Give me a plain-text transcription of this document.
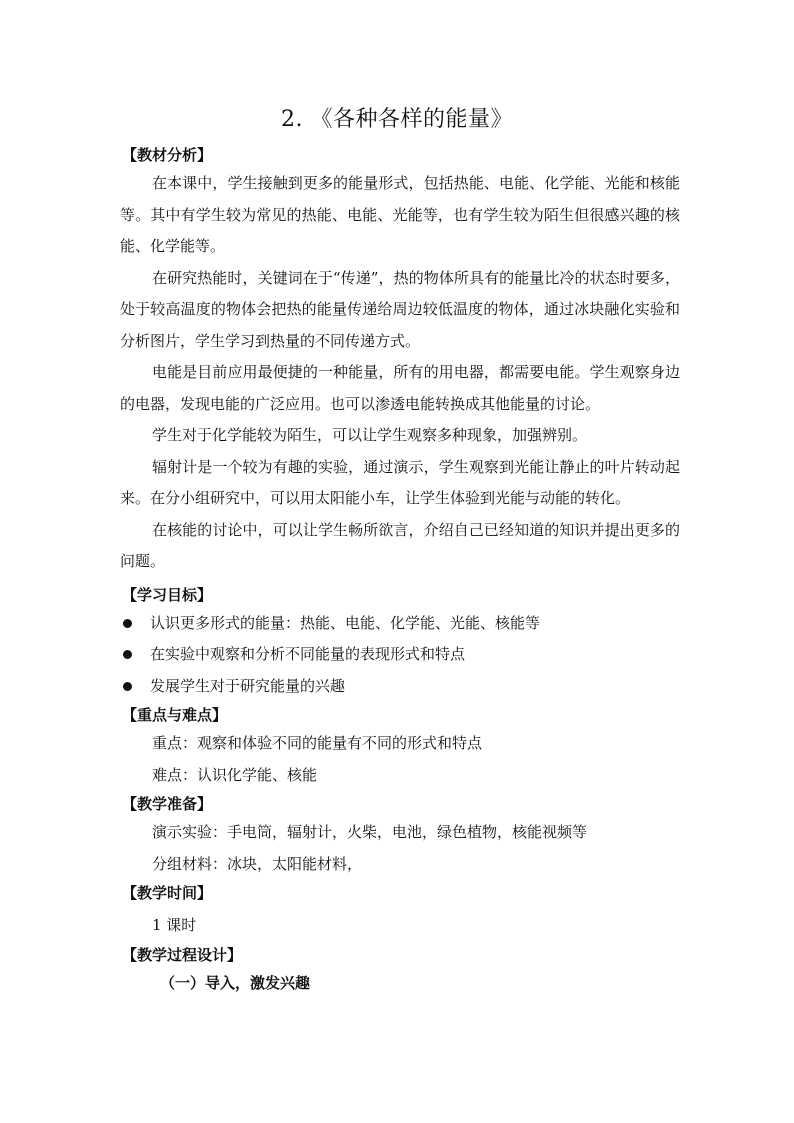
2. 《各种各样的能量》
【教材分析】

在本课中，学生接触到更多的能量形式，包括热能、电能、化学能、光能和核能等。其中有学生较为常见的热能、电能、光能等，也有学生较为陌生但很感兴趣的核能、化学能等。

在研究热能时，关键词在于“传递”，热的物体所具有的能量比冷的状态时要多，处于较高温度的物体会把热的能量传递给周边较低温度的物体，通过冰块融化实验和分析图片，学生学习到热量的不同传递方式。

电能是目前应用最便捷的一种能量，所有的用电器，都需要电能。学生观察身边的电器，发现电能的广泛应用。也可以渗透电能转换成其他能量的讨论。

学生对于化学能较为陌生，可以让学生观察多种现象，加强辨别。

辐射计是一个较为有趣的实验，通过演示，学生观察到光能让静止的叶片转动起来。在分小组研究中，可以用太阳能小车，让学生体验到光能与动能的转化。

在核能的讨论中，可以让学生畅所欲言，介绍自己已经知道的知识并提出更多的问题。

【学习目标】
认识更多形式的能量：热能、电能、化学能、光能、核能等
在实验中观察和分析不同能量的表现形式和特点
发展学生对于研究能量的兴趣
【重点与难点】
重点：观察和体验不同的能量有不同的形式和特点
难点：认识化学能、核能
【教学准备】
演示实验：手电筒，辐射计，火柴，电池，绿色植物，核能视频等
分组材料：冰块，太阳能材料，
【教学时间】
1 课时
【教学过程设计】
（一）导入，激发兴趣
